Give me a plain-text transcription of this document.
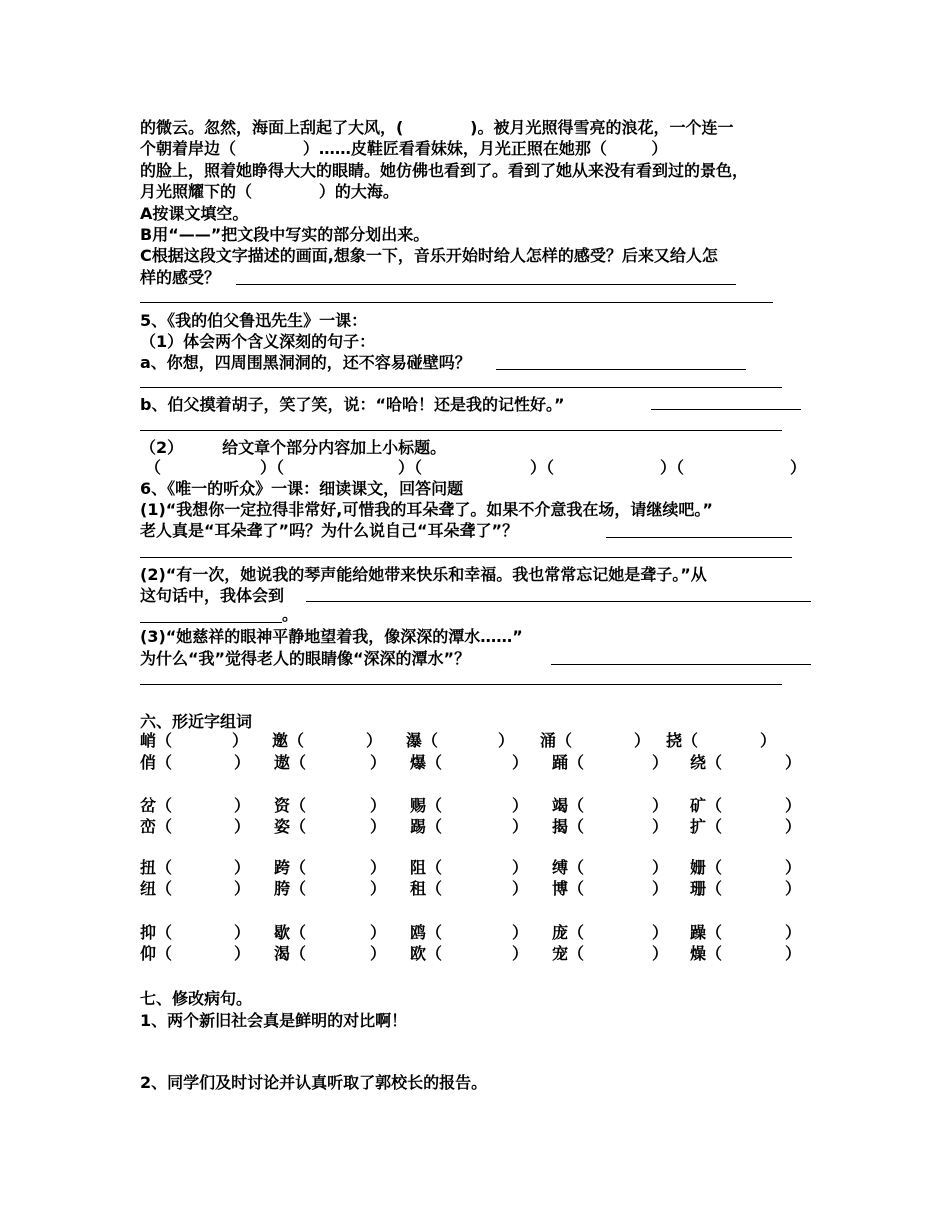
的微云。忽然，海面上刮起了大风，(            )。被月光照得雪亮的浪花，一个连一
个朝着岸边（            ）……皮鞋匠看看妹妹，月光正照在她那（        ）
的脸上，照着她睁得大大的眼睛。她仿佛也看到了。看到了她从来没有看到过的景色，
月光照耀下的（            ）的大海。
A按课文填空。
B用“——”把文段中写实的部分划出来。
C根据这段文字描述的画面,想象一下，音乐开始时给人怎样的感受？后来又给人怎
样的感受？
5、《我的伯父鲁迅先生》一课：
（1）体会两个含义深刻的句子：
a、你想，四周围黑洞洞的，还不容易碰壁吗？
b、伯父摸着胡子，笑了笑，说：“哈哈！还是我的记性好。”
（2）       给文章个部分内容加上小标题。
（	）（	）（	）（	）（	）
6、《唯一的听众》一课：细读课文，回答问题
(1)“我想你一定拉得非常好,可惜我的耳朵聋了。如果不介意我在场，请继续吧。”
老人真是“耳朵聋了”吗？为什么说自己“耳朵聋了”？
(2)“有一次，她说我的琴声能给她带来快乐和幸福。我也常常忘记她是聋子。”从
这句话中，我体会到
。
(3)“她慈祥的眼神平静地望着我，像深深的潭水……”
为什么“我”觉得老人的眼睛像“深深的潭水”？
六、形近字组词
峭（	） 邀（	） 瀑（	） 涌（	） 挠（	）
俏（	） 遨（	） 爆（	） 踊（	） 绕（	）
岔（	） 资（	） 赐（	） 竭（	） 矿（	）
峦（	） 姿（	） 踢（	） 揭（	） 扩（	）
扭（	） 跨（	） 阻（	） 缚（	） 姗（	）
纽（	） 胯（	） 租（	） 博（	） 珊（	）
抑（	） 歇（	） 鸥（	） 庞（	） 躁（	）
仰（	） 渴（	） 欧（	） 宠（	） 燥（	）
七、修改病句。
1、两个新旧社会真是鲜明的对比啊！
2、同学们及时讨论并认真听取了郭校长的报告。
